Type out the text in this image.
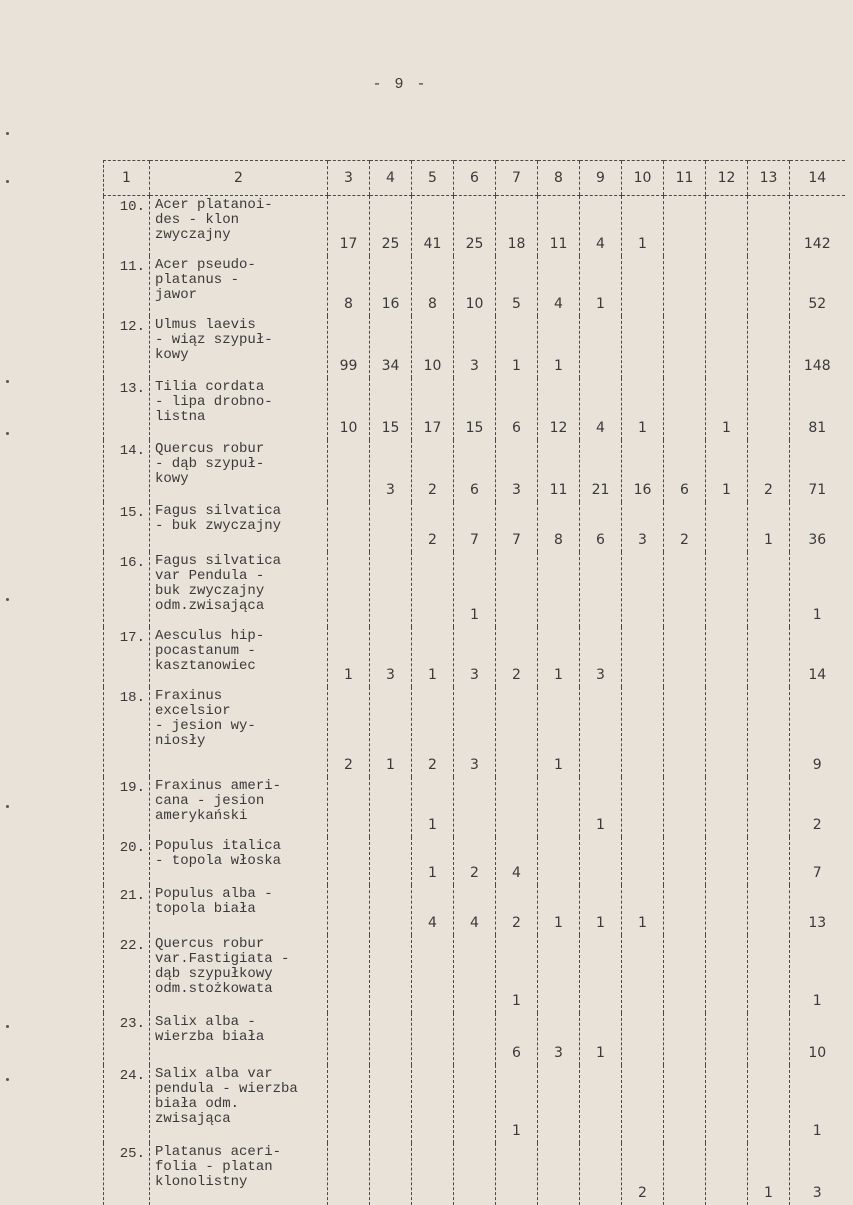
- 9 -
1	2	3	4	5	6	7	8	9	10	11	12	13	14
10.	Acer platanoi-
des - klon
zwyczajny	17	25	41	25	18	11	4	1				142
11.	Acer pseudo-
platanus -
jawor	8	16	8	10	5	4	1					52
12.	Ulmus laevis
- wiąz szypuł-
kowy	99	34	10	3	1	1						148
13.	Tilia cordata
- lipa drobno-
listna	10	15	17	15	6	12	4	1		1		81
14.	Quercus robur
- dąb szypuł-
kowy		3	2	6	3	11	21	16	6	1	2	71
15.	Fagus silvatica
- buk zwyczajny			2	7	7	8	6	3	2		1	36
16.	Fagus silvatica
var Pendula -
buk zwyczajny
odm.zwisająca				1								1
17.	Aesculus hip-
pocastanum -
kasztanowiec	1	3	1	3	2	1	3					14
18.	Fraxinus
excelsior
- jesion wy-
niosły	2	1	2	3		1						9
19.	Fraxinus ameri-
cana - jesion
amerykański			1				1					2
20.	Populus italica
- topola włoska			1	2	4							7
21.	Populus alba -
topola biała			4	4	2	1	1	1				13
22.	Quercus robur
var.Fastigiata -
dąb szypułkowy
odm.stożkowata					1							1
23.	Salix alba -
wierzba biała					6	3	1					10
24.	Salix alba var
pendula - wierzba
biała odm.
zwisająca					1							1
25.	Platanus aceri-
folia - platan
klonolistny								2			1	3
